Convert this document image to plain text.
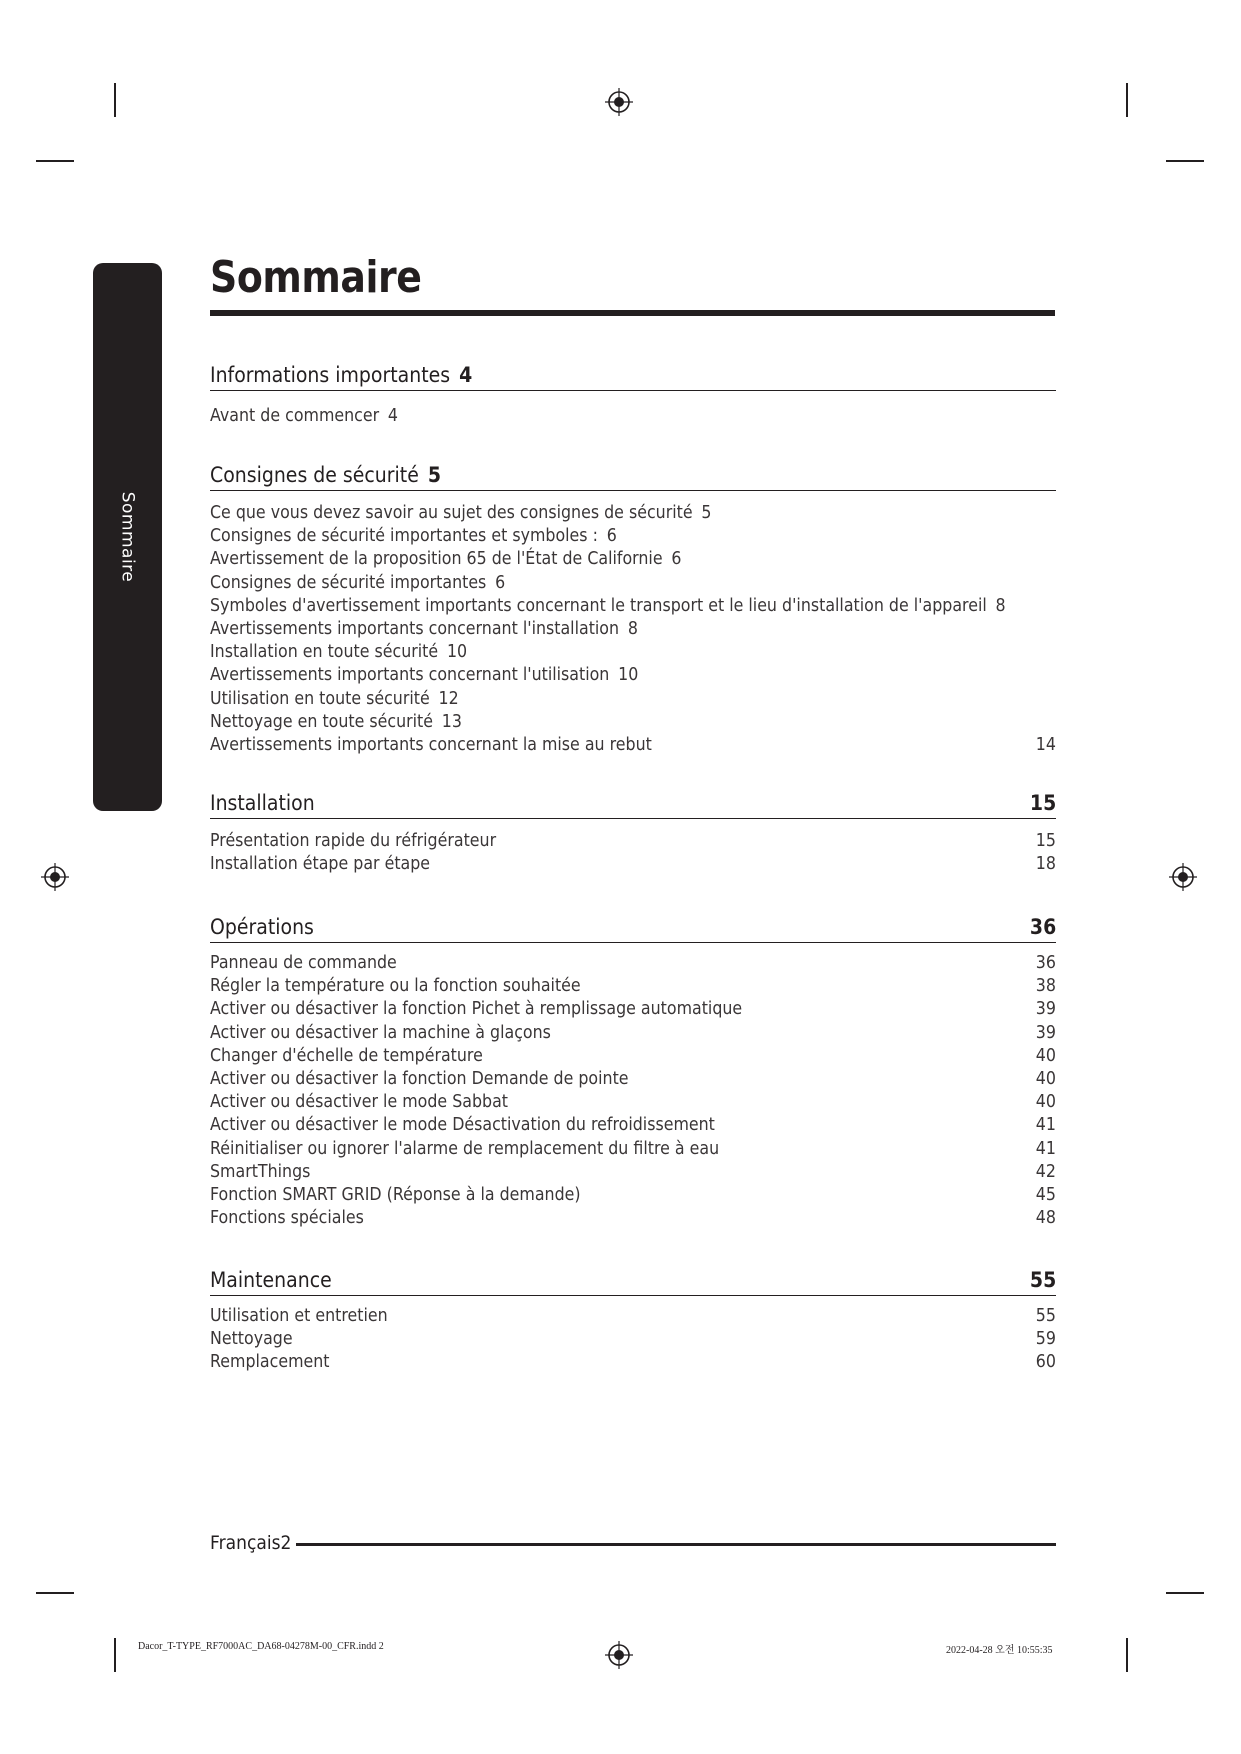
Sommaire
Sommaire
Informations importantes 4
Avant de commencer 4
Consignes de sécurité 5
Ce que vous devez savoir au sujet des consignes de sécurité 5
Consignes de sécurité importantes et symboles : 6
Avertissement de la proposition 65 de l'État de Californie 6
Consignes de sécurité importantes 6
Symboles d'avertissement importants concernant le transport et le lieu d'installation de l'appareil 8
Avertissements importants concernant l'installation 8
Installation en toute sécurité 10
Avertissements importants concernant l'utilisation 10
Utilisation en toute sécurité 12
Nettoyage en toute sécurité 13
Avertissements importants concernant la mise au rebut	14
Installation	15
Présentation rapide du réfrigérateur	15
Installation étape par étape	18
Opérations	36
Panneau de commande	36
Régler la température ou la fonction souhaitée	38
Activer ou désactiver la fonction Pichet à remplissage automatique	39
Activer ou désactiver la machine à glaçons	39
Changer d'échelle de température	40
Activer ou désactiver la fonction Demande de pointe	40
Activer ou désactiver le mode Sabbat	40
Activer ou désactiver le mode Désactivation du refroidissement	41
Réinitialiser ou ignorer l'alarme de remplacement du filtre à eau	41
SmartThings	42
Fonction SMART GRID (Réponse à la demande)	45
Fonctions spéciales	48
Maintenance	55
Utilisation et entretien	55
Nettoyage	59
Remplacement	60
Français2
Dacor_T-TYPE_RF7000AC_DA68-04278M-00_CFR.indd 2	2022-04-28 오전 10:55:35
